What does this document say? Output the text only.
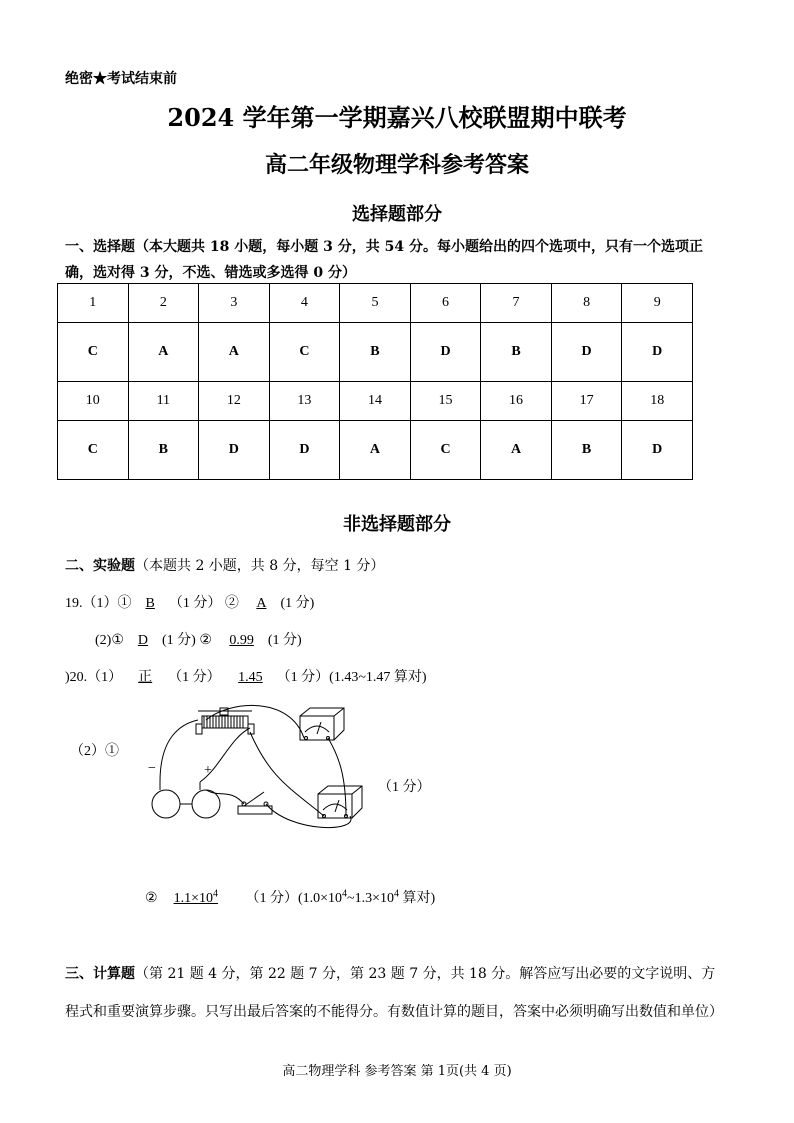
绝密★考试结束前
2024 学年第一学期嘉兴八校联盟期中联考
高二年级物理学科参考答案
选择题部分
一、选择题（本大题共 18 小题，每小题 3 分，共 54 分。每小题给出的四个选项中，只有一个选项正确，选对得 3 分，不选、错选或多选得 0 分）
1	2	3	4	5	6	7	8	9
C	A	A	C	B	D	B	D	D
10	11	12	13	14	15	16	17	18
C	B	D	D	A	C	A	B	D
非选择题部分
二、实验题（本题共 2 小题，共 8 分，每空 1 分）
19.（1）① B （1 分） ② A (1 分)
(2)① D (1 分) ② 0.99 (1 分)
)20.（1） 正 （1 分） 1.45 （1 分）(1.43~1.47 算对)
（2）①
−	+
（1 分）
② $1.1\times 10^4$ （1 分）($1.0\times 10^4\sim 1.3\times 10^4$ 算对)
三、计算题（第 21 题 4 分，第 22 题 7 分，第 23 题 7 分，共 18 分。解答应写出必要的文字说明、方程式和重要演算步骤。只写出最后答案的不能得分。有数值计算的题目，答案中必须明确写出数值和单位）
高二物理学科 参考答案 第 1页(共 4 页)
